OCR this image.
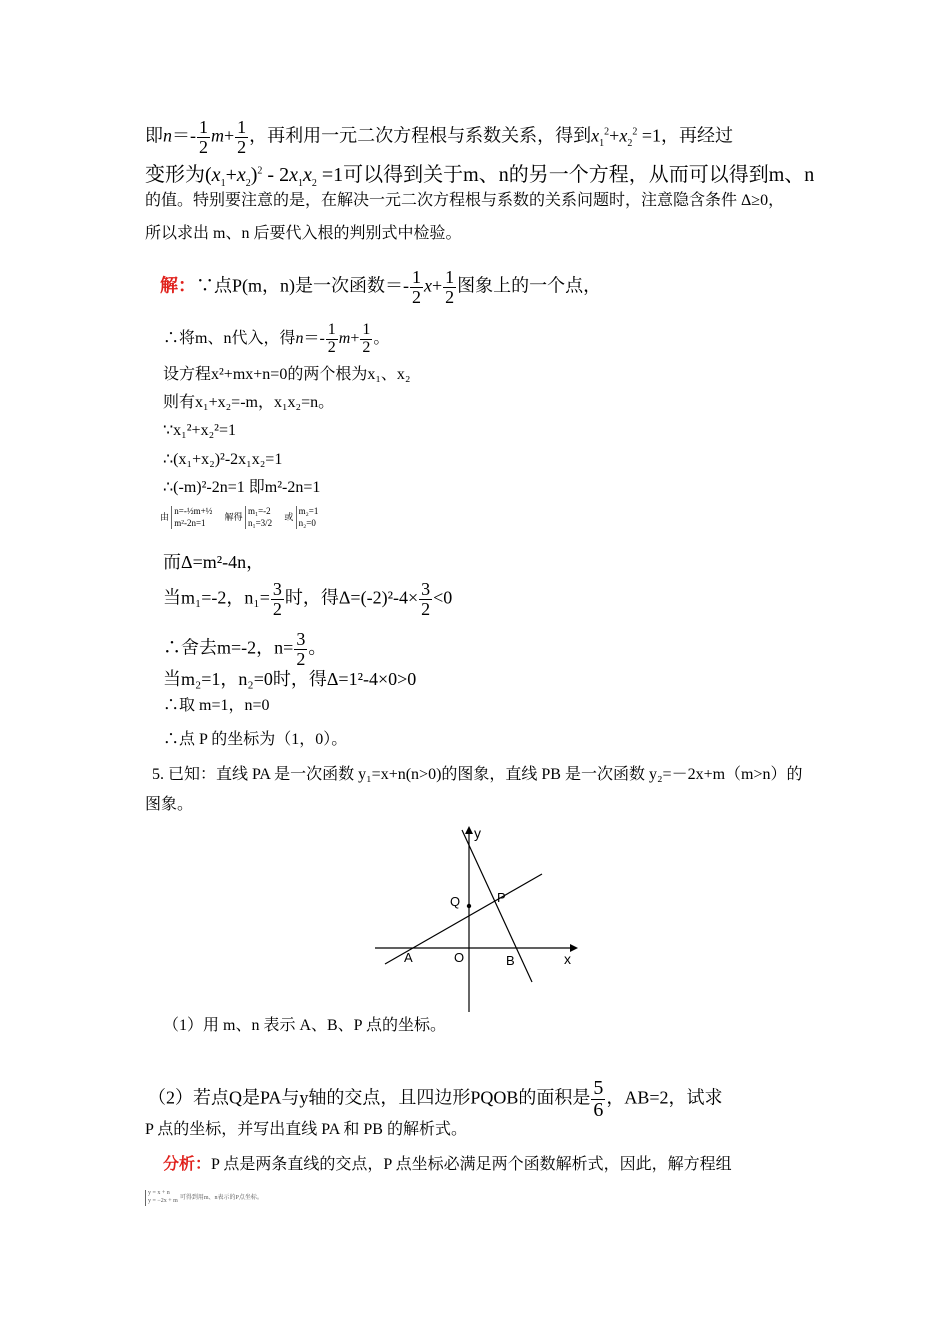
即$n=- \frac{1}{2} m+ \frac{1}{2}$ ，再利用一元二次方程根与系数关系，得到$x_1^2+x_2^2 =1$，再经过
变形为$(x_1+x_2)^2 - 2x_1x_2 =1$可以得到关于m、n的另一个方程，从而可以得到m、n
的值。特别要注意的是，在解决一元二次方程根与系数的关系问题时，注意隐含条件 Δ≥0，
所以求出 m、n 后要代入根的判别式中检验。
解：∵点P(m，n)是一次函数＝- $\frac{1}{2} x+ \frac{1}{2}$ 图象上的一个点，
∴将m、n代入，得$n=- \frac{1}{2} m+ \frac{1}{2}$ 。
设方程x²+mx+n=0的两个根为x₁、x₂
则有x₁+x₂=-m，x₁x₂=n。
∵x₁²+x₂²=1
∴(x₁+x₂)²-2x₁x₂=1
∴(-m)²-2n=1 即m²-2n=1
由 n=-½m+½
m²-2n=1 解得 m₁=-2
n₁=3/2 或 m₂=1
n₂=0
而Δ=m²-4n，
当m₁=-2，$n_1= \frac{3}{2}$ 时，得$\Delta=(-2)^2-4\times \frac{3}{2} <0$
∴舍去m=-2，$n= \frac{3}{2}$ 。
当m₂=1，n₂=0时，得Δ=1²-4×0>0
∴取 m=1，n=0
∴点 P 的坐标为（1，0）。
5. 已知：直线 PA 是一次函数 y₁=x+n(n>0)的图象，直线 PB 是一次函数 y₂=－2x+m（m>n）的
图象。
y
x
Q	P
A	O	B
（1）用 m、n 表示 A、B、P 点的坐标。
（2）若点Q是PA与y轴的交点，且四边形PQOB的面积是 $\frac{5}{6}$ ，AB=2，试求
P 点的坐标，并写出直线 PA 和 PB 的解析式。
分析：P 点是两条直线的交点，P 点坐标必满足两个函数解析式，因此，解方程组
y = x + n
y = −2x + m 可得到用m、n表示的P点坐标。
